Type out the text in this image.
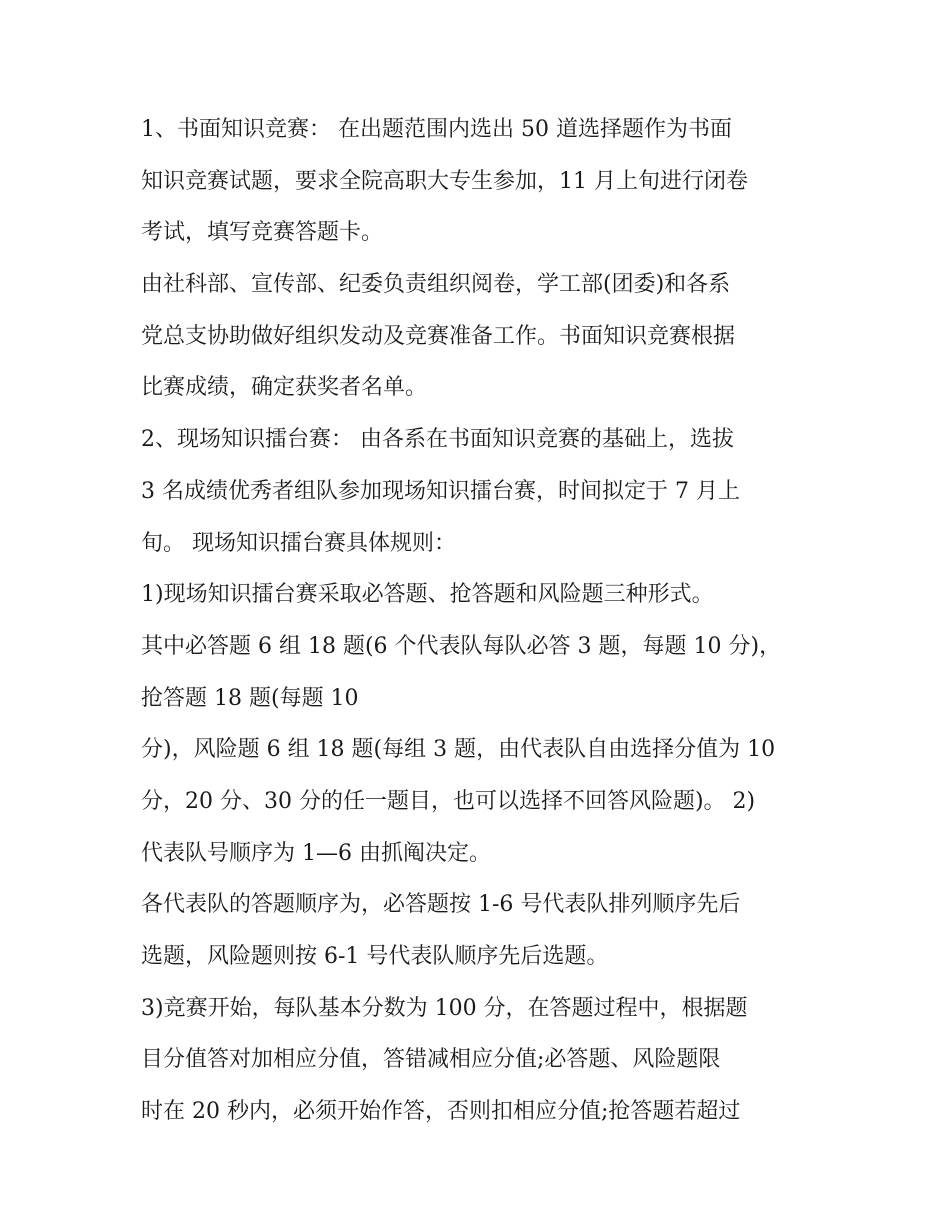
1、书面知识竞赛： 在出题范围内选出 50 道选择题作为书面
知识竞赛试题，要求全院高职大专生参加，11 月上旬进行闭卷
考试，填写竞赛答题卡。
由社科部、宣传部、纪委负责组织阅卷，学工部(团委)和各系
党总支协助做好组织发动及竞赛准备工作。书面知识竞赛根据
比赛成绩，确定获奖者名单。
2、现场知识擂台赛： 由各系在书面知识竞赛的基础上，选拔
3 名成绩优秀者组队参加现场知识擂台赛，时间拟定于 7 月上
旬。 现场知识擂台赛具体规则：
1)现场知识擂台赛采取必答题、抢答题和风险题三种形式。
其中必答题 6 组 18 题(6 个代表队每队必答 3 题，每题 10 分)，
抢答题 18 题(每题 10
分)，风险题 6 组 18 题(每组 3 题，由代表队自由选择分值为 10
分，20 分、30 分的任一题目，也可以选择不回答风险题)。 2)
代表队号顺序为 1—6 由抓阄决定。
各代表队的答题顺序为，必答题按 1-6 号代表队排列顺序先后
选题，风险题则按 6-1 号代表队顺序先后选题。
3)竞赛开始，每队基本分数为 100 分，在答题过程中，根据题
目分值答对加相应分值，答错减相应分值;必答题、风险题限
时在 20 秒内，必须开始作答，否则扣相应分值;抢答题若超过
